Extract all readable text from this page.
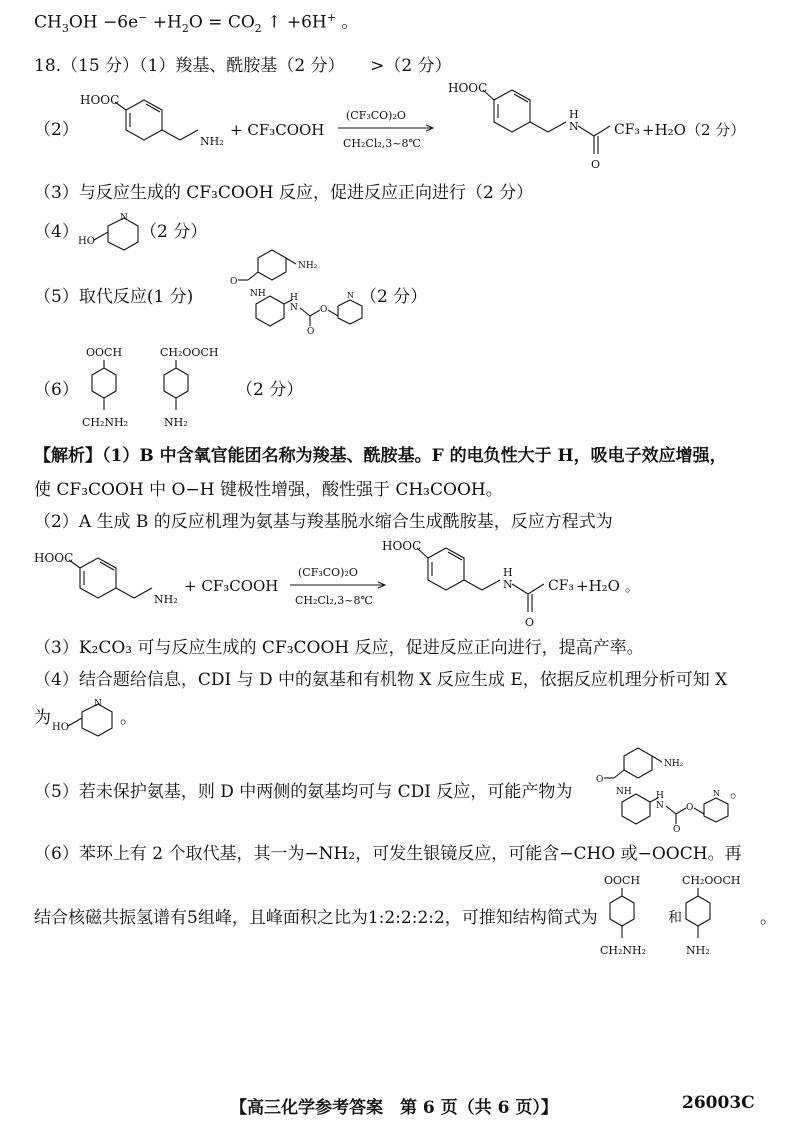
$CH_3OH -6e^- +H_2O = CO_2$ ↑ +6H+ 。
18.（15 分）（1）羧基、酰胺基（2 分）　　>（2 分）
（2）
HOOC
NH₂
+ CF₃COOH
(CF₃CO)₂O
CH₂Cl₂,3~8℃
HOOC
H
N
O
CF₃ +H₂O（2 分）
（3）与反应生成的 CF₃COOH 反应，促进反应正向进行（2 分）
（4） HO
N
（2 分）
（5）取代反应(1 分)
NH₂
O
NH	H
N
O
O
N （2 分）
（6）
OOCH
CH₂NH₂
CH₂OOCH
NH₂
（2 分）
【解析】（1）B 中含氧官能团名称为羧基、酰胺基。F 的电负性大于 H，吸电子效应增强，
使 CF₃COOH 中 O−H 键极性增强，酸性强于 CH₃COOH。
（2）A 生成 B 的反应机理为氨基与羧基脱水缩合生成酰胺基，反应方程式为
HOOC
NH₂
+ CF₃COOH
(CF₃CO)₂O
CH₂Cl₂,3~8℃
HOOC
H
N
O
CF₃ +H₂O 。
（3）K₂CO₃ 可与反应生成的 CF₃COOH 反应，促进反应正向进行，提高产率。
（4）结合题给信息，CDI 与 D 中的氨基和有机物 X 反应生成 E，依据反应机理分析可知 X
为 HO
N
。
（5）若未保护氨基，则 D 中两侧的氨基均可与 CDI 反应，可能产物为
NH₂
O
NH	H
N
O
O
N 。
（6）苯环上有 2 个取代基，其一为−NH₂，可发生银镜反应，可能含−CHO 或−OOCH。再
结合核磁共振氢谱有5组峰，且峰面积之比为1:2:2:2:2，可推知结构简式为
OOCH
CH₂NH₂
和
CH₂OOCH
NH₂
。
【高三化学参考答案　第 6 页（共 6 页）】	26003C
